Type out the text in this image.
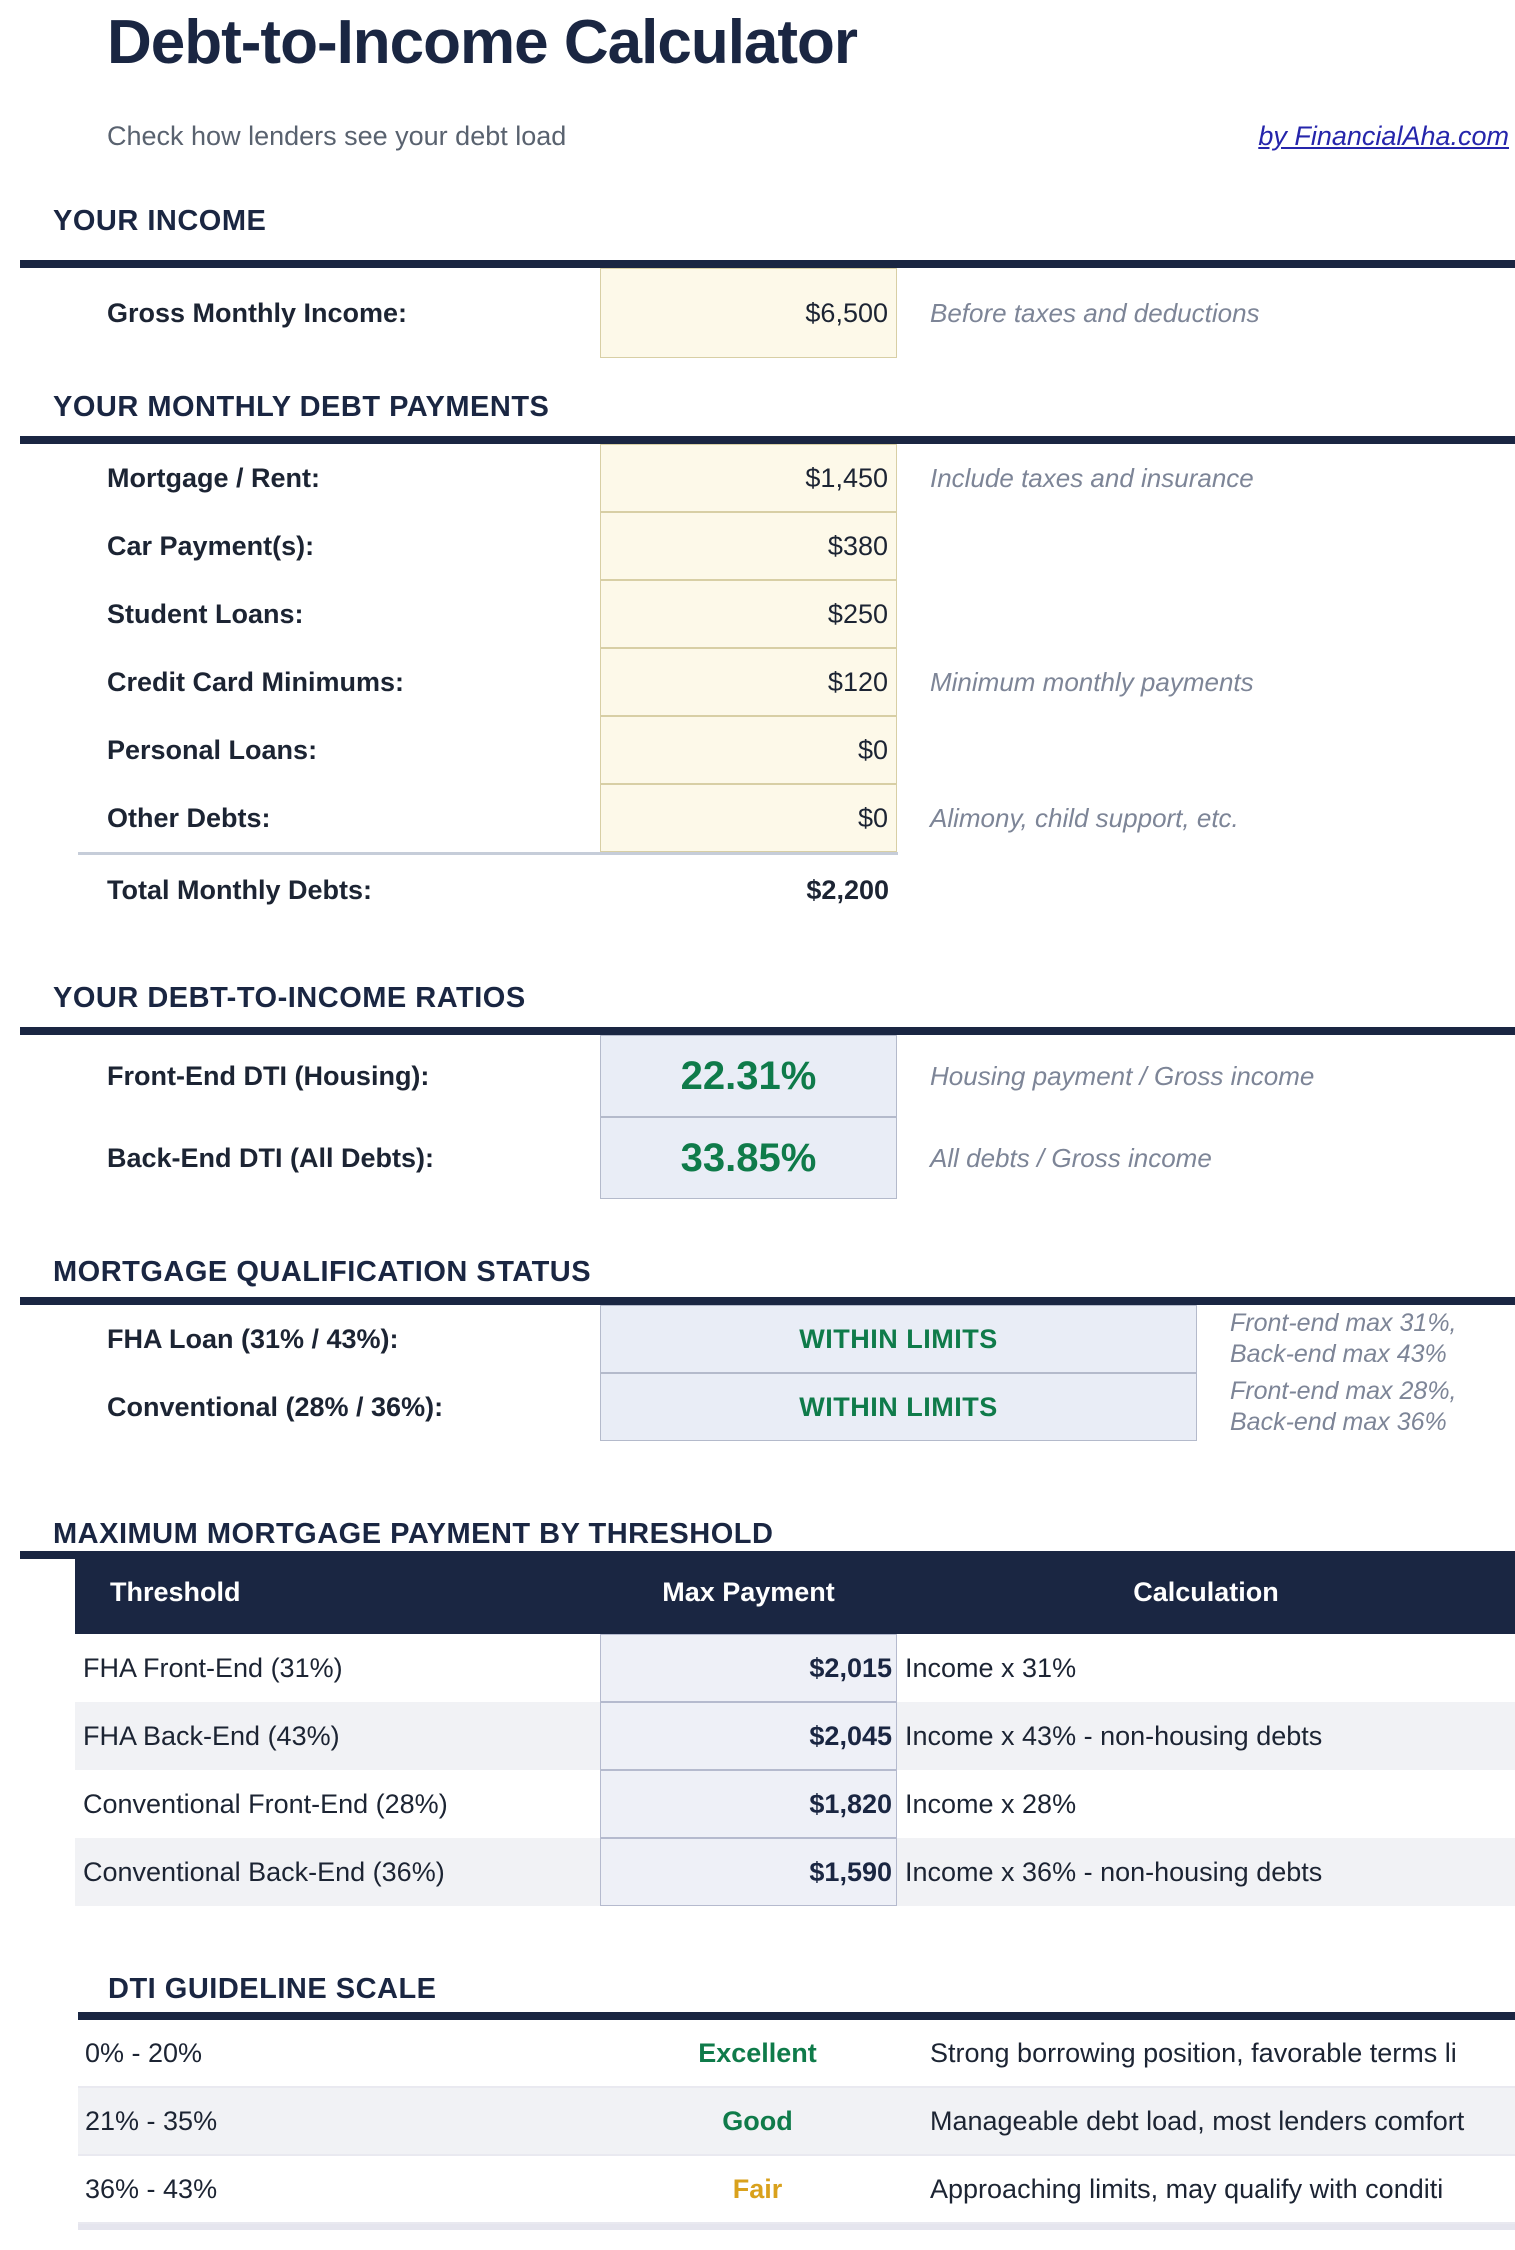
Debt-to-Income Calculator
Check how lenders see your debt load	by FinancialAha.com
YOUR INCOME
Gross Monthly Income:	$6,500	Before taxes and deductions
YOUR MONTHLY DEBT PAYMENTS
Mortgage / Rent:	$1,450	Include taxes and insurance
Car Payment(s):	$380
Student Loans:	$250
Credit Card Minimums:	$120	Minimum monthly payments
Personal Loans:	$0
Other Debts:	$0	Alimony, child support, etc.
Total Monthly Debts:	$2,200
YOUR DEBT-TO-INCOME RATIOS
Front-End DTI (Housing):	22.31%	Housing payment / Gross income
Back-End DTI (All Debts):	33.85%	All debts / Gross income
MORTGAGE QUALIFICATION STATUS
FHA Loan (31% / 43%):	WITHIN LIMITS
Front-end max 31%,
Back-end max 43%
Conventional (28% / 36%):	WITHIN LIMITS
Front-end max 28%,
Back-end max 36%
MAXIMUM MORTGAGE PAYMENT BY THRESHOLD
Threshold	Max Payment	Calculation
FHA Front-End (31%)	$2,015 Income x 31%
FHA Back-End (43%)	$2,045 Income x 43% - non-housing debts
Conventional Front-End (28%)	$1,820 Income x 28%
Conventional Back-End (36%)	$1,590 Income x 36% - non-housing debts
DTI GUIDELINE SCALE
0% - 20%	Excellent	Strong borrowing position, favorable terms li
21% - 35%	Good	Manageable debt load, most lenders comfort
36% - 43%	Fair	Approaching limits, may qualify with conditi
